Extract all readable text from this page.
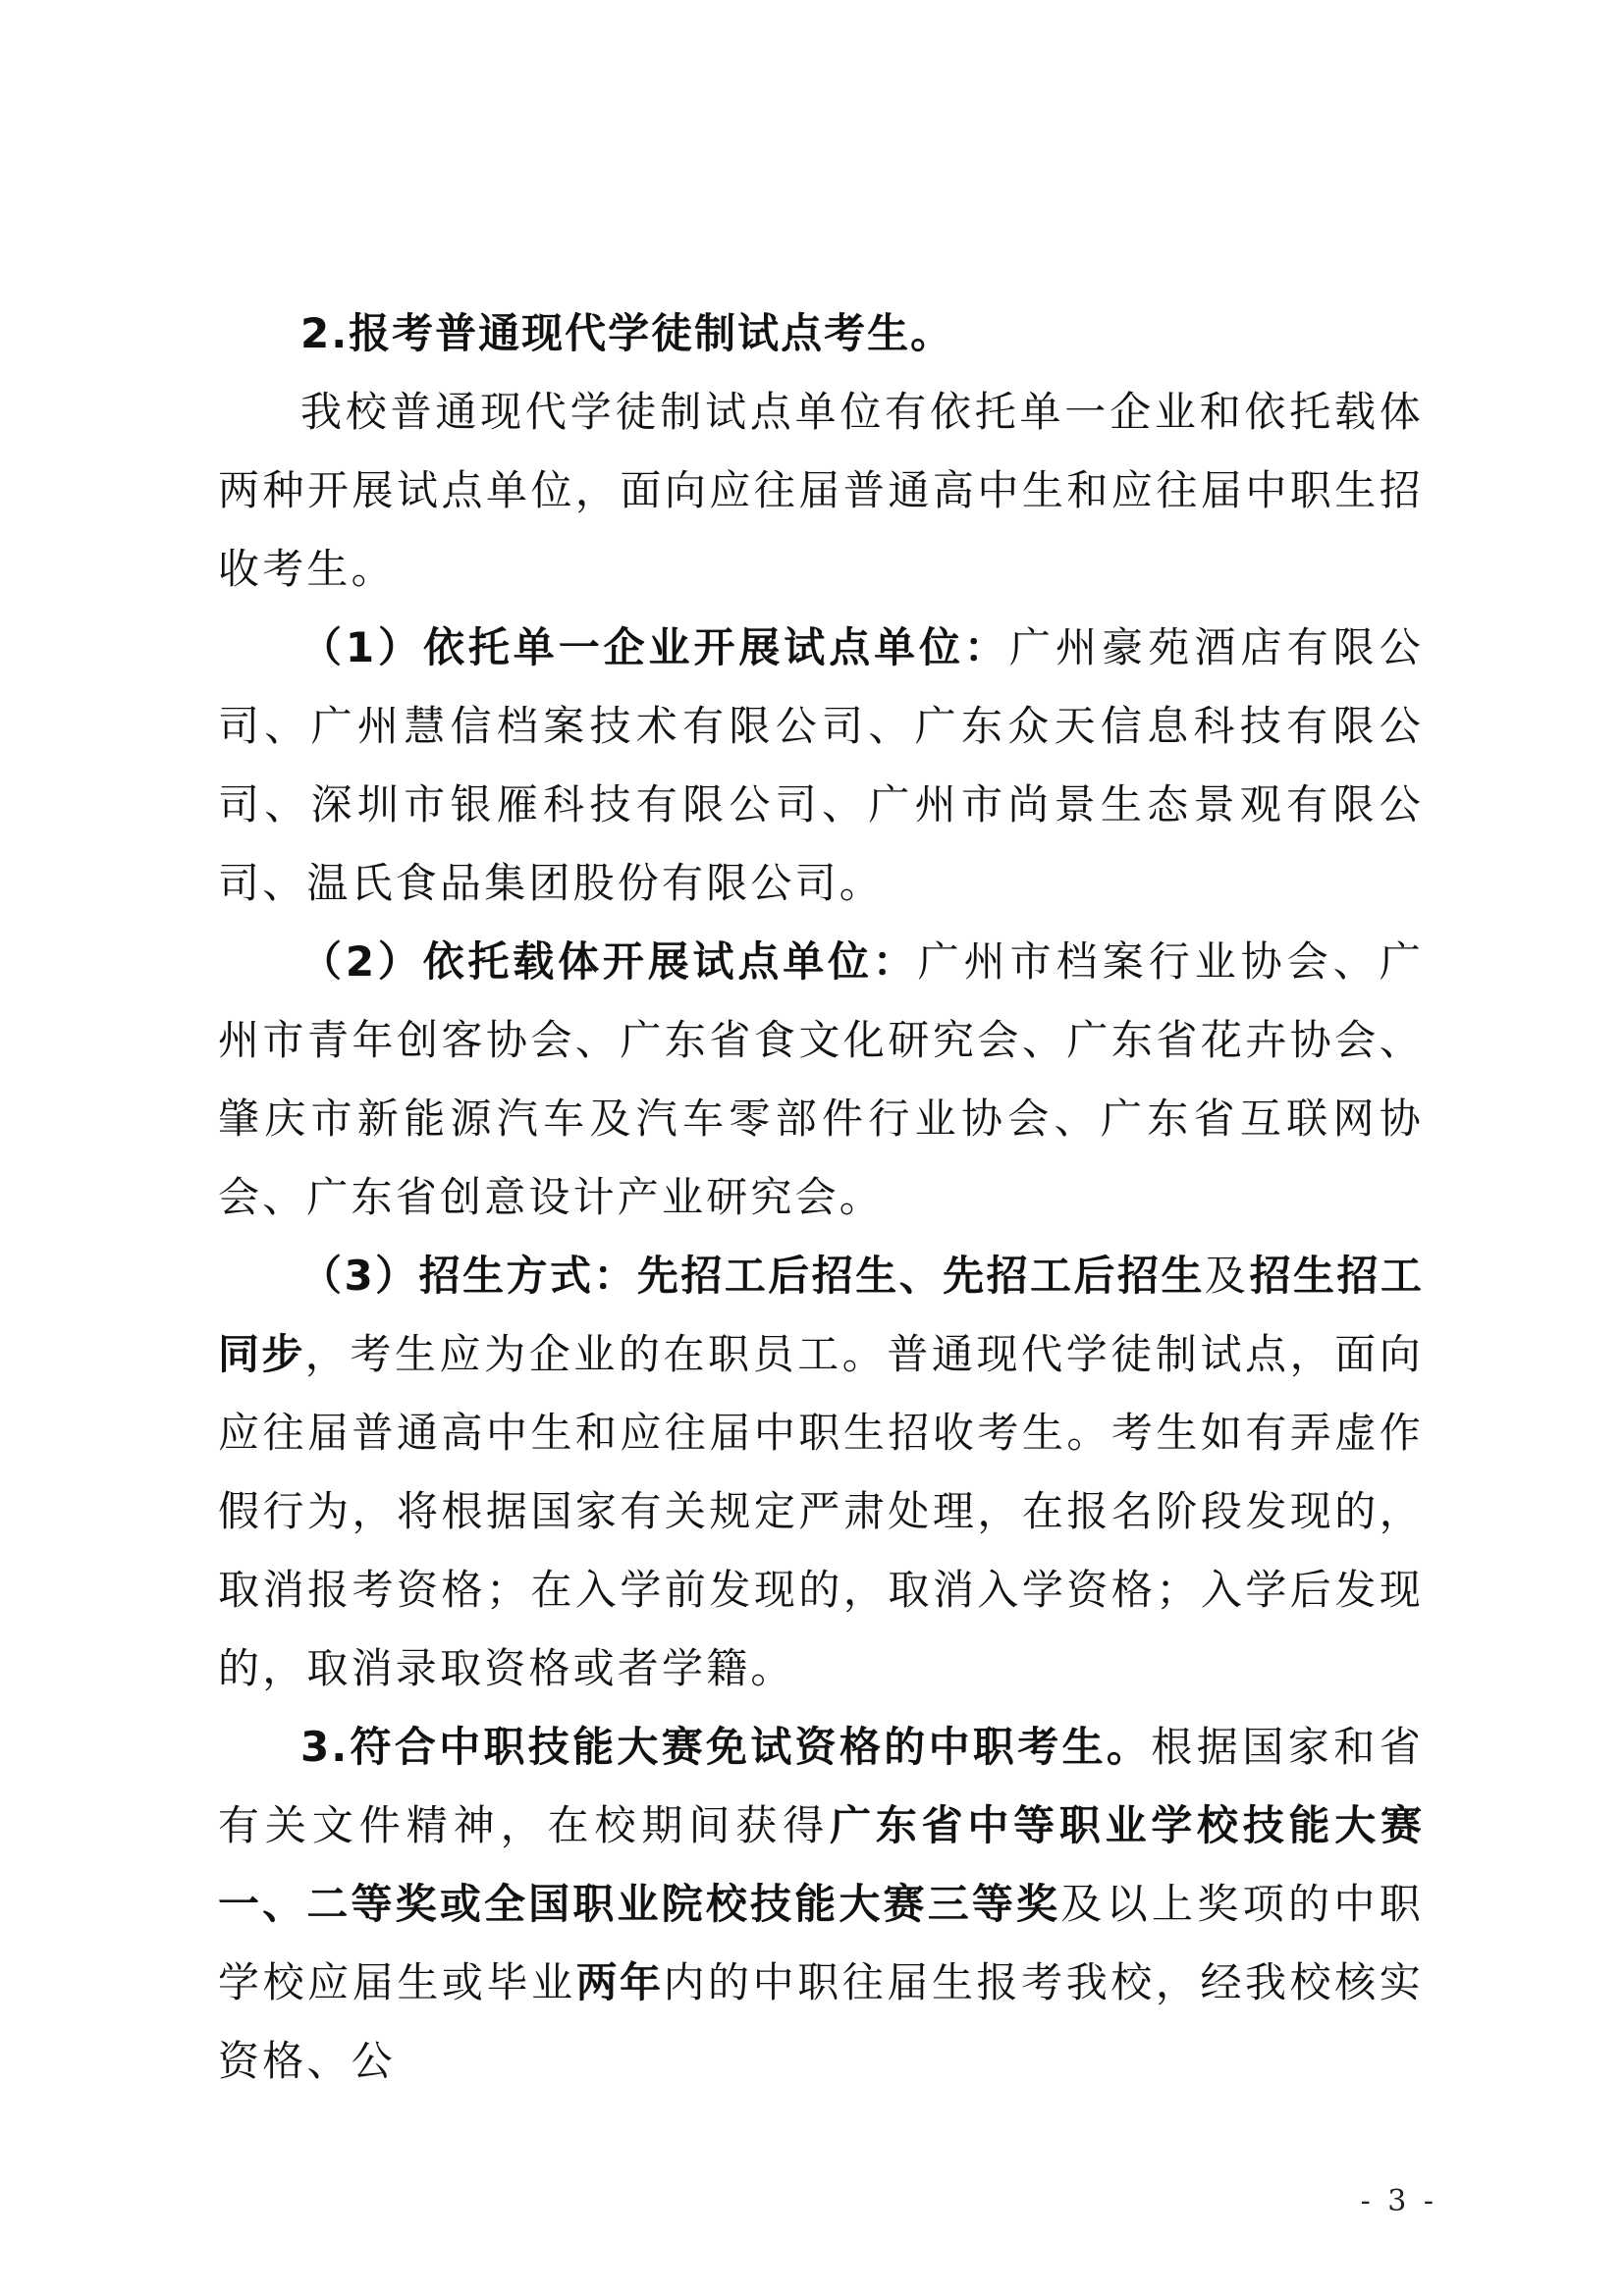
2.报考普通现代学徒制试点考生。

我校普通现代学徒制试点单位有依托单一企业和依托载体两种开展试点单位，面向应往届普通高中生和应往届中职生招收考生。

（1）依托单一企业开展试点单位：广州豪苑酒店有限公司、广州慧信档案技术有限公司、广东众天信息科技有限公司、深圳市银雁科技有限公司、广州市尚景生态景观有限公司、温氏食品集团股份有限公司。

（2）依托载体开展试点单位：广州市档案行业协会、广州市青年创客协会、广东省食文化研究会、广东省花卉协会、肇庆市新能源汽车及汽车零部件行业协会、广东省互联网协会、广东省创意设计产业研究会。

（3）招生方式：先招工后招生、先招工后招生及招生招工同步，考生应为企业的在职员工。普通现代学徒制试点，面向应往届普通高中生和应往届中职生招收考生。考生如有弄虚作假行为，将根据国家有关规定严肃处理，在报名阶段发现的，取消报考资格；在入学前发现的，取消入学资格；入学后发现的，取消录取资格或者学籍。

3.符合中职技能大赛免试资格的中职考生。根据国家和省有关文件精神，在校期间获得广东省中等职业学校技能大赛一、二等奖或全国职业院校技能大赛三等奖及以上奖项的中职学校应届生或毕业两年内的中职往届生报考我校，经我校核实资格、公

- 3 -
